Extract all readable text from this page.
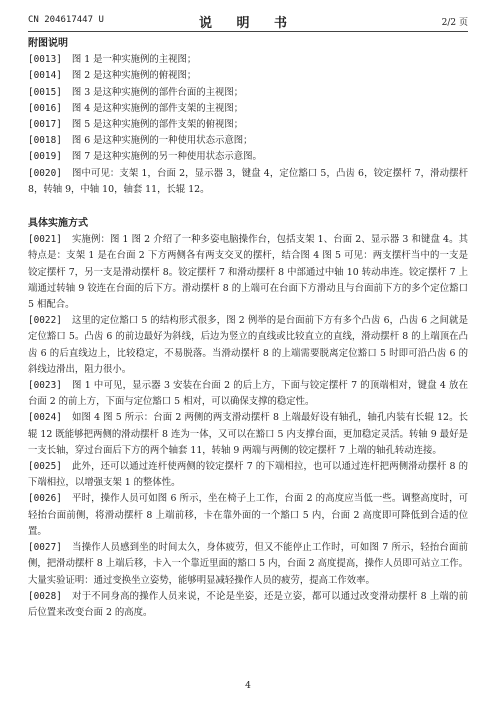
CN 204617447 U	说 明 书	2/2 页
附图说明
[0013] 图 1 是一种实施例的主视图；
[0014] 图 2 是这种实施例的俯视图；
[0015] 图 3 是这种实施例的部件台面的主视图；
[0016] 图 4 是这种实施例的部件支架的主视图；
[0017] 图 5 是这种实施例的部件支架的俯视图；
[0018] 图 6 是这种实施例的一种使用状态示意图；
[0019] 图 7 是这种实施例的另一种使用状态示意图。
[0020] 图中可见：支架 1，台面 2，显示器 3，键盘 4，定位豁口 5，凸齿 6，铰定摆杆 7，滑动摆杆 8，转轴 9，中轴 10，轴套 11，长辊 12。
具体实施方式
[0021] 实施例：图 1 图 2 介绍了一种多姿电脑操作台，包括支架 1、台面 2、显示器 3 和键盘 4。其特点是：支架 1 是在台面 2 下方两侧各有两支交叉的摆杆，结合图 4 图 5 可见：两支摆杆当中的一支是铰定摆杆 7，另一支是滑动摆杆 8。铰定摆杆 7 和滑动摆杆 8 中部通过中轴 10 转动串连。铰定摆杆 7 上端通过转轴 9 铰连在台面的后下方。滑动摆杆 8 的上端可在台面下方滑动且与台面前下方的多个定位豁口 5 相配合。
[0022] 这里的定位豁口 5 的结构形式很多，图 2 例举的是台面前下方有多个凸齿 6，凸齿 6 之间就是定位豁口 5。凸齿 6 的前边最好为斜线，后边为竖立的直线或比较直立的直线，滑动摆杆 8 的上端顶在凸齿 6 的后直线边上，比较稳定，不易脱落。当滑动摆杆 8 的上端需要脱离定位豁口 5 时即可沿凸齿 6 的斜线边滑出，阻力很小。
[0023] 图 1 中可见，显示器 3 安装在台面 2 的后上方，下面与铰定摆杆 7 的顶端相对，键盘 4 放在台面 2 的前上方，下面与定位豁口 5 相对，可以确保支撑的稳定性。
[0024] 如图 4 图 5 所示：台面 2 两侧的两支滑动摆杆 8 上端最好设有轴孔，轴孔内装有长辊 12。长辊 12 既能够把两侧的滑动摆杆 8 连为一体，又可以在豁口 5 内支撑台面，更加稳定灵活。转轴 9 最好是一支长轴，穿过台面后下方的两个轴套 11，转轴 9 两端与两侧的铰定摆杆 7 上端的轴孔转动连接。
[0025] 此外，还可以通过连杆使两侧的铰定摆杆 7 的下端相拉，也可以通过连杆把两侧滑动摆杆 8 的下端相拉，以增强支架 1 的整体性。
[0026] 平时，操作人员可如图 6 所示，坐在椅子上工作，台面 2 的高度应当低一些。调整高度时，可轻抬台面前侧，将滑动摆杆 8 上端前移，卡在靠外面的一个豁口 5 内，台面 2 高度即可降低到合适的位置。
[0027] 当操作人员感到坐的时间太久，身体疲劳，但又不能停止工作时，可如图 7 所示，轻抬台面前侧，把滑动摆杆 8 上端后移，卡入一个靠近里面的豁口 5 内，台面 2 高度提高，操作人员即可站立工作。大量实验证明：通过变换坐立姿势，能够明显减轻操作人员的疲劳，提高工作效率。
[0028] 对于不同身高的操作人员来说，不论是坐姿，还是立姿，都可以通过改变滑动摆杆 8 上端的前后位置来改变台面 2 的高度。
4
